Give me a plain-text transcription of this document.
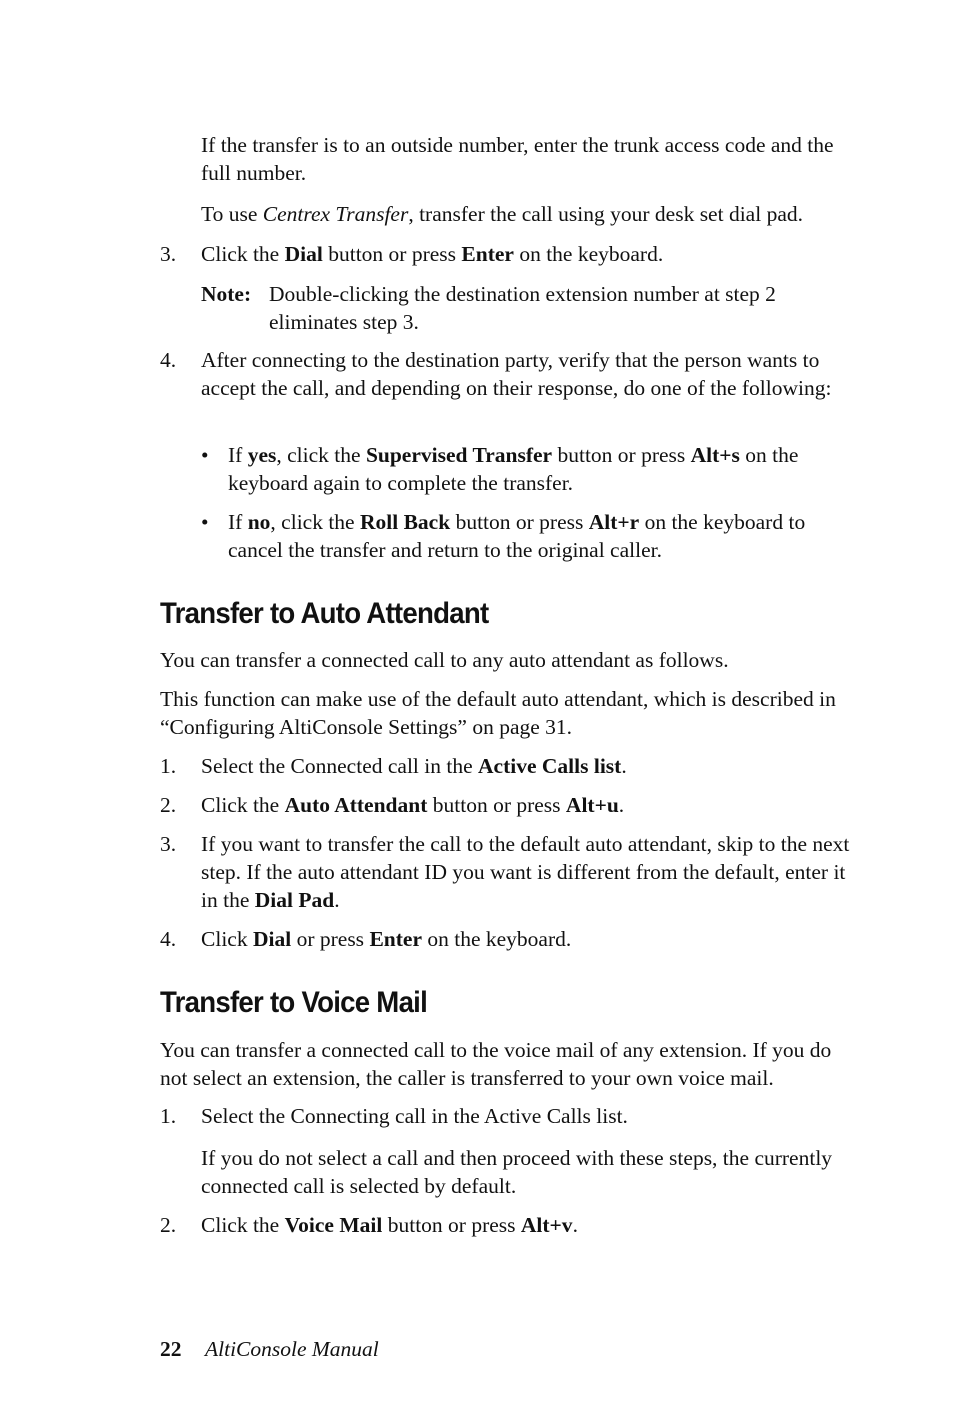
If the transfer is to an outside number, enter the trunk access code and the full number.

To use Centrex Transfer, transfer the call using your desk set dial pad.

3. Click the Dial button or press Enter on the keyboard.

Note: Double-clicking the destination extension number at step 2 eliminates step 3.

4. After connecting to the destination party, verify that the person wants to accept the call, and depending on their response, do one of the following:

• If yes, click the Supervised Transfer button or press Alt+s on the keyboard again to complete the transfer.

• If no, click the Roll Back button or press Alt+r on the keyboard to cancel the transfer and return to the original caller.

Transfer to Auto Attendant

You can transfer a connected call to any auto attendant as follows.

This function can make use of the default auto attendant, which is described in “Configuring AltiConsole Settings” on page 31.

1. Select the Connected call in the Active Calls list.

2. Click the Auto Attendant button or press Alt+u.

3. If you want to transfer the call to the default auto attendant, skip to the next step. If the auto attendant ID you want is different from the default, enter it in the Dial Pad.

4. Click Dial or press Enter on the keyboard.

Transfer to Voice Mail

You can transfer a connected call to the voice mail of any extension. If you do not select an extension, the caller is transferred to your own voice mail.

1. Select the Connecting call in the Active Calls list.

If you do not select a call and then proceed with these steps, the currently connected call is selected by default.

2. Click the Voice Mail button or press Alt+v.

22 AltiConsole Manual
